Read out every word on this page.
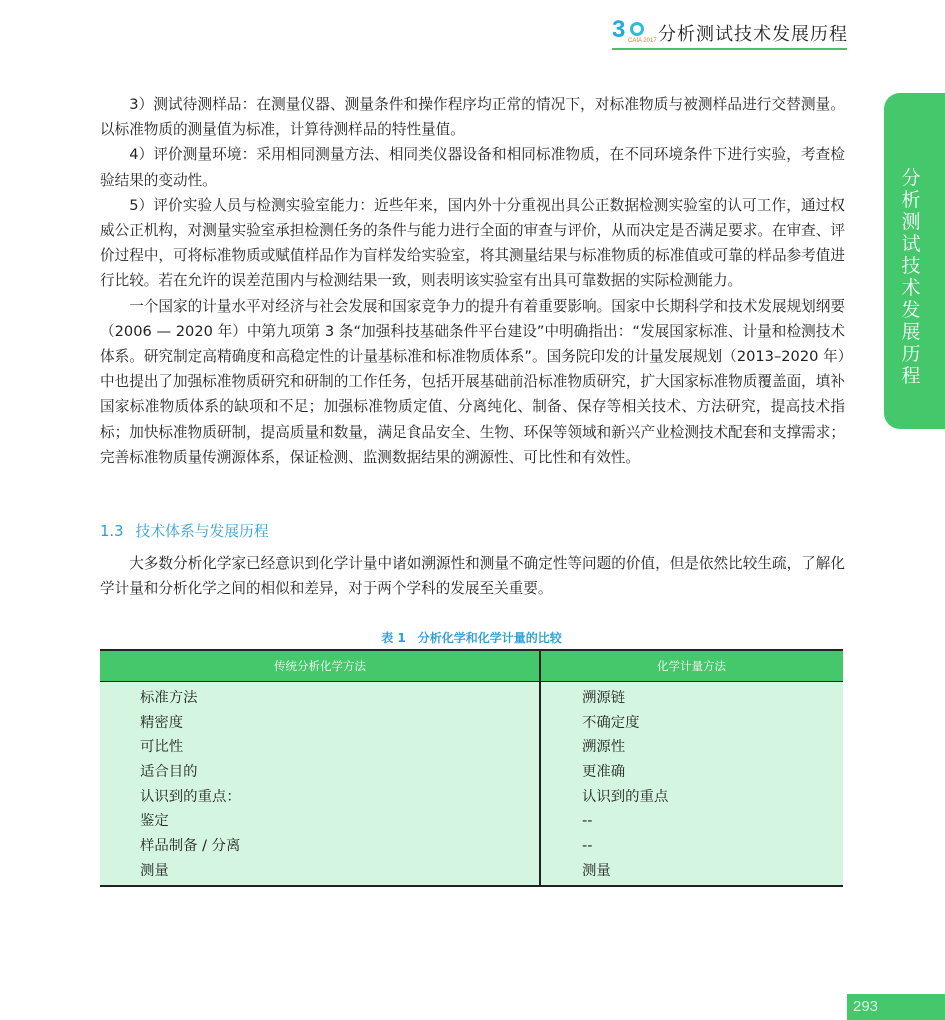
3 CAIA 2017 分析测试技术发展历程
分析测试技术发展历程

3）测试待测样品：在测量仪器、测量条件和操作程序均正常的情况下，对标准物质与被测样品进行交替测量。以标准物质的测量值为标准，计算待测样品的特性量值。

4）评价测量环境：采用相同测量方法、相同类仪器设备和相同标准物质，在不同环境条件下进行实验，考查检验结果的变动性。

5）评价实验人员与检测实验室能力：近些年来，国内外十分重视出具公正数据检测实验室的认可工作，通过权威公正机构，对测量实验室承担检测任务的条件与能力进行全面的审查与评价，从而决定是否满足要求。在审查、评价过程中，可将标准物质或赋值样品作为盲样发给实验室，将其测量结果与标准物质的标准值或可靠的样品参考值进行比较。若在允许的误差范围内与检测结果一致，则表明该实验室有出具可靠数据的实际检测能力。

一个国家的计量水平对经济与社会发展和国家竞争力的提升有着重要影响。国家中长期科学和技术发展规划纲要（2006 — 2020 年）中第九项第 3 条“加强科技基础条件平台建设”中明确指出：“发展国家标准、计量和检测技术体系。研究制定高精确度和高稳定性的计量基标准和标准物质体系”。国务院印发的计量发展规划（2013–2020 年）中也提出了加强标准物质研究和研制的工作任务，包括开展基础前沿标准物质研究，扩大国家标准物质覆盖面，填补国家标准物质体系的缺项和不足；加强标准物质定值、分离纯化、制备、保存等相关技术、方法研究，提高技术指标；加快标准物质研制，提高质量和数量，满足食品安全、生物、环保等领域和新兴产业检测技术配套和支撑需求；完善标准物质量传溯源体系，保证检测、监测数据结果的溯源性、可比性和有效性。

1.3 技术体系与发展历程

大多数分析化学家已经意识到化学计量中诸如溯源性和测量不确定性等问题的价值，但是依然比较生疏，了解化学计量和分析化学之间的相似和差异，对于两个学科的发展至关重要。

表 1　分析化学和化学计量的比较
传统分析化学方法	化学计量方法
标准方法	溯源链
精密度	不确定度
可比性	溯源性
适合目的	更准确
认识到的重点：	认识到的重点
鉴定	--
样品制备 / 分离	--
测量	测量
293
